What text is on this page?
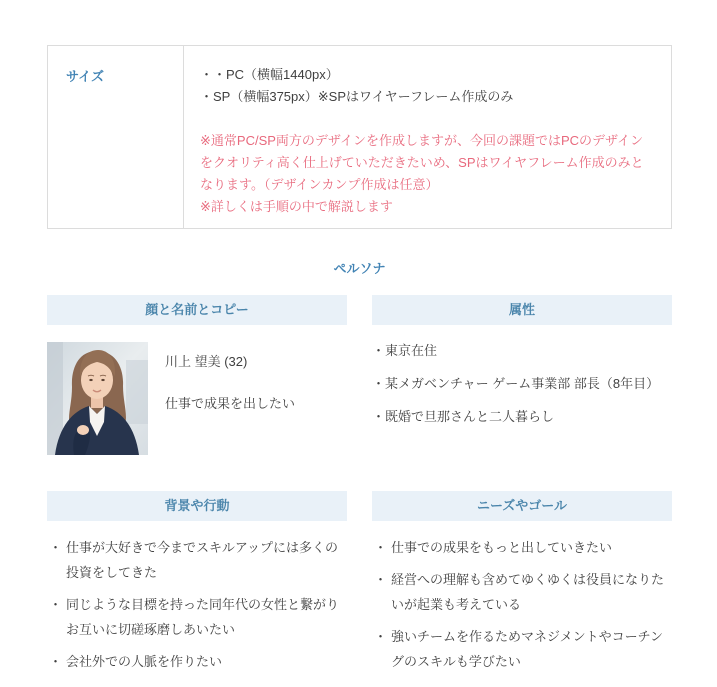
サイズ	・・PC（横幅1440px）
・SP（横幅375px）※SPはワイヤーフレーム作成のみ
※通常PC/SP両方のデザインを作成しますが、今回の課題ではPCのデザインをクオリティ高く仕上げていただきたいめ、SPはワイヤフレーム作成のみとなります。（デザインカンプ作成は任意）
※詳しくは手順の中で解説します
ペルソナ
顔と名前とコピー
川上 望美 (32)
仕事で成果を出したい
属性
・東京在住
・某メガベンチャー ゲーム事業部 部長（8年目）
・既婚で旦那さんと二人暮らし
背景や行動
・ 仕事が大好きで今までスキルアップには多くの投資をしてきた
・ 同じような目標を持った同年代の女性と繋がりお互いに切磋琢磨しあいたい
・ 会社外での人脈を作りたい
ニーズやゴール
・ 仕事での成果をもっと出していきたい
・ 経営への理解も含めてゆくゆくは役員になりたいが起業も考えている
・ 強いチームを作るためマネジメントやコーチングのスキルも学びたい
